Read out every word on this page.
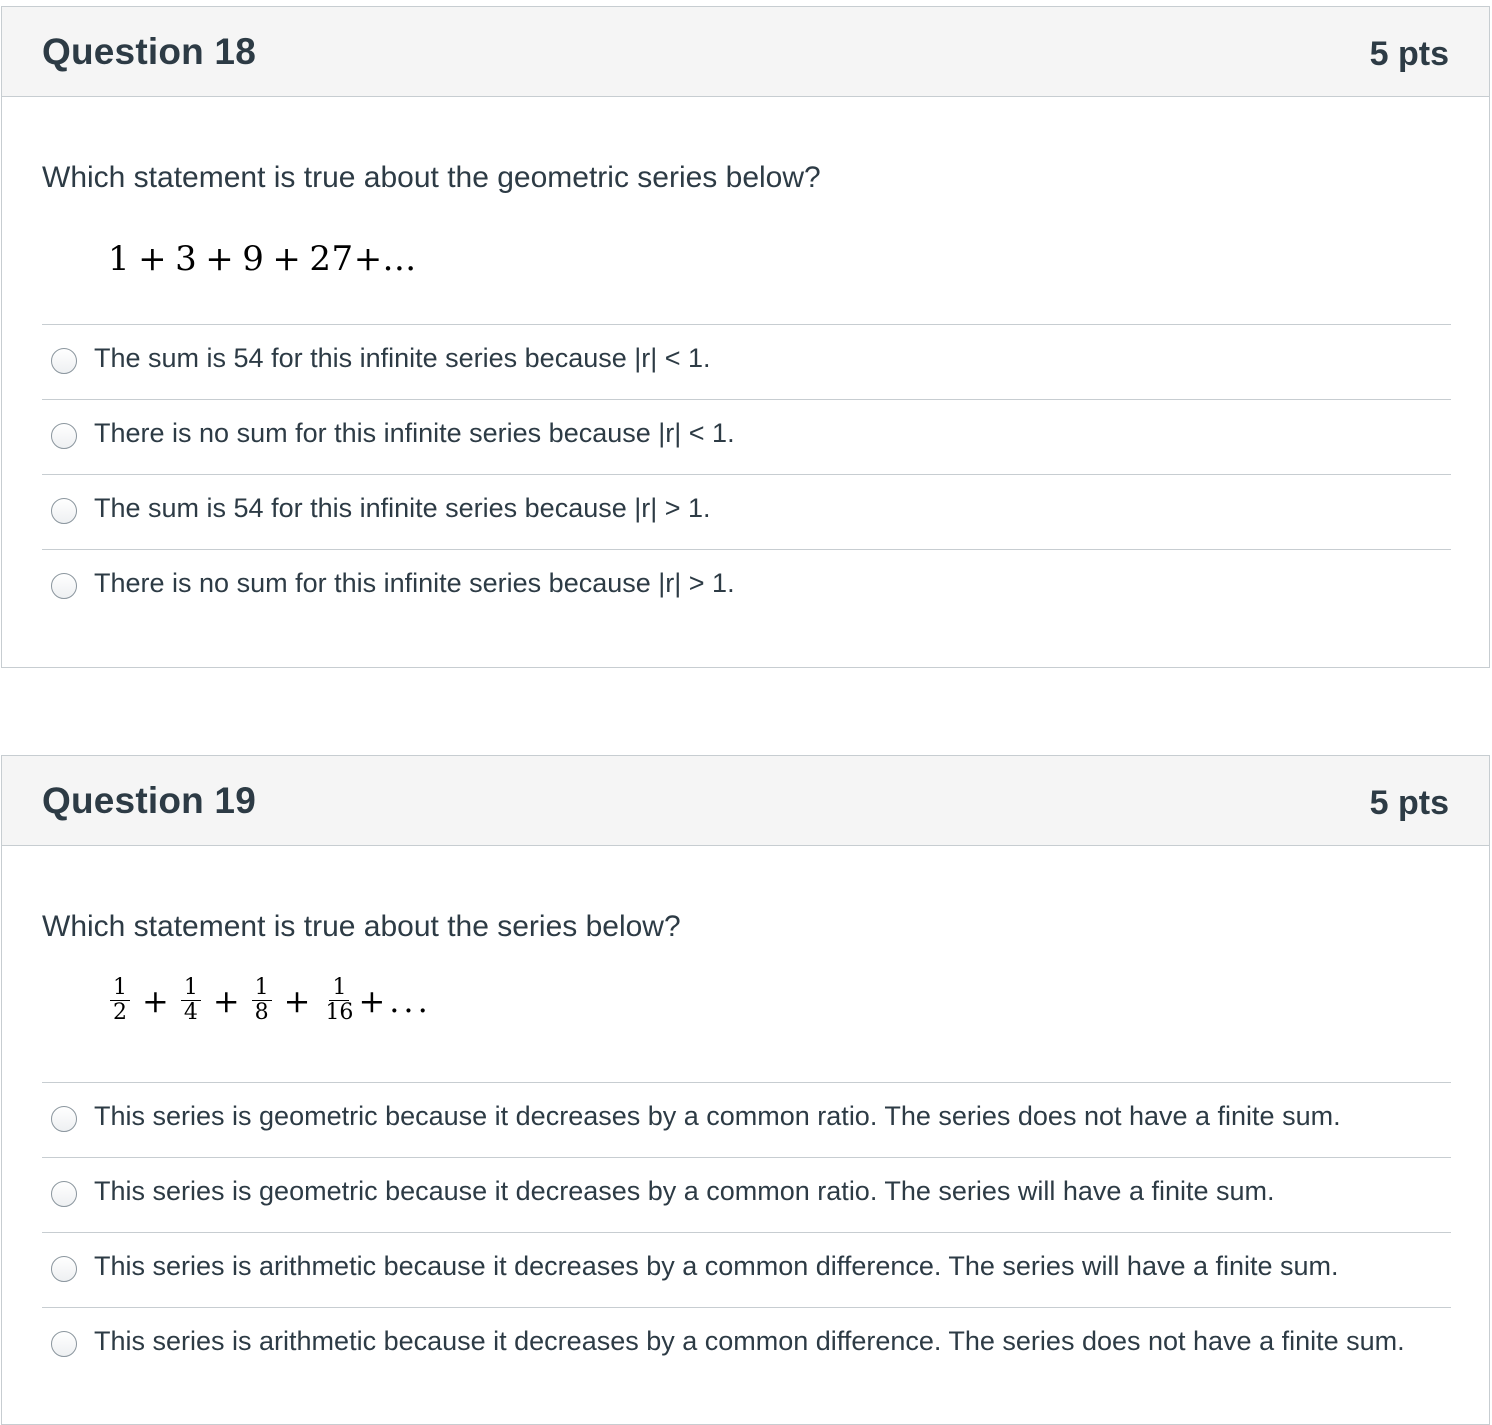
Question 18	5 pts
Which statement is true about the geometric series below?
1 + 3 + 9 + 27+...
The sum is 54 for this infinite series because |r| < 1.
There is no sum for this infinite series because |r| < 1.
The sum is 54 for this infinite series because |r| > 1.
There is no sum for this infinite series because |r| > 1.
Question 19	5 pts
Which statement is true about the series below?
$\frac{1}{2} + \frac{1}{4} + \frac{1}{8} + \frac{1}{16}$ +...
This series is geometric because it decreases by a common ratio. The series does not have a finite sum.
This series is geometric because it decreases by a common ratio. The series will have a finite sum.
This series is arithmetic because it decreases by a common difference. The series will have a finite sum.
This series is arithmetic because it decreases by a common difference. The series does not have a finite sum.
